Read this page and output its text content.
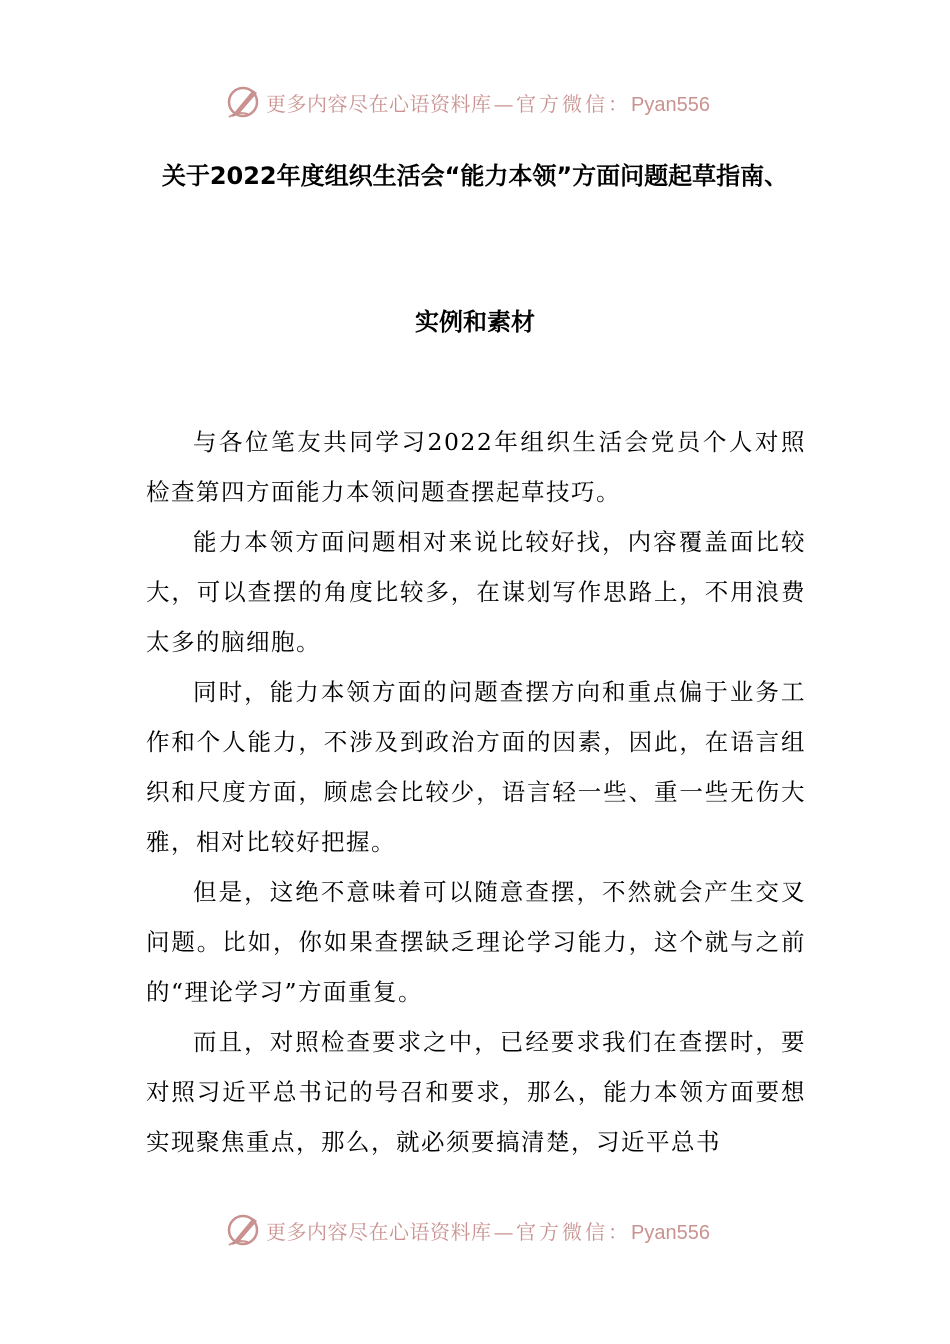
更多内容尽在心语资料库 — 官方微信：Pyan556
关于2022年度组织生活会“能力本领”方面问题起草指南、
实例和素材

与各位笔友共同学习2022年组织生活会党员个人对照检查第四方面能力本领问题查摆起草技巧。

能力本领方面问题相对来说比较好找，内容覆盖面比较大，可以查摆的角度比较多，在谋划写作思路上，不用浪费太多的脑细胞。

同时，能力本领方面的问题查摆方向和重点偏于业务工作和个人能力，不涉及到政治方面的因素，因此，在语言组织和尺度方面，顾虑会比较少，语言轻一些、重一些无伤大雅，相对比较好把握。

但是，这绝不意味着可以随意查摆，不然就会产生交叉问题。比如，你如果查摆缺乏理论学习能力，这个就与之前的“理论学习”方面重复。

而且，对照检查要求之中，已经要求我们在查摆时，要对照习近平总书记的号召和要求，那么，能力本领方面要想实现聚焦重点，那么，就必须要搞清楚，习近平总书

更多内容尽在心语资料库 — 官方微信：Pyan556
